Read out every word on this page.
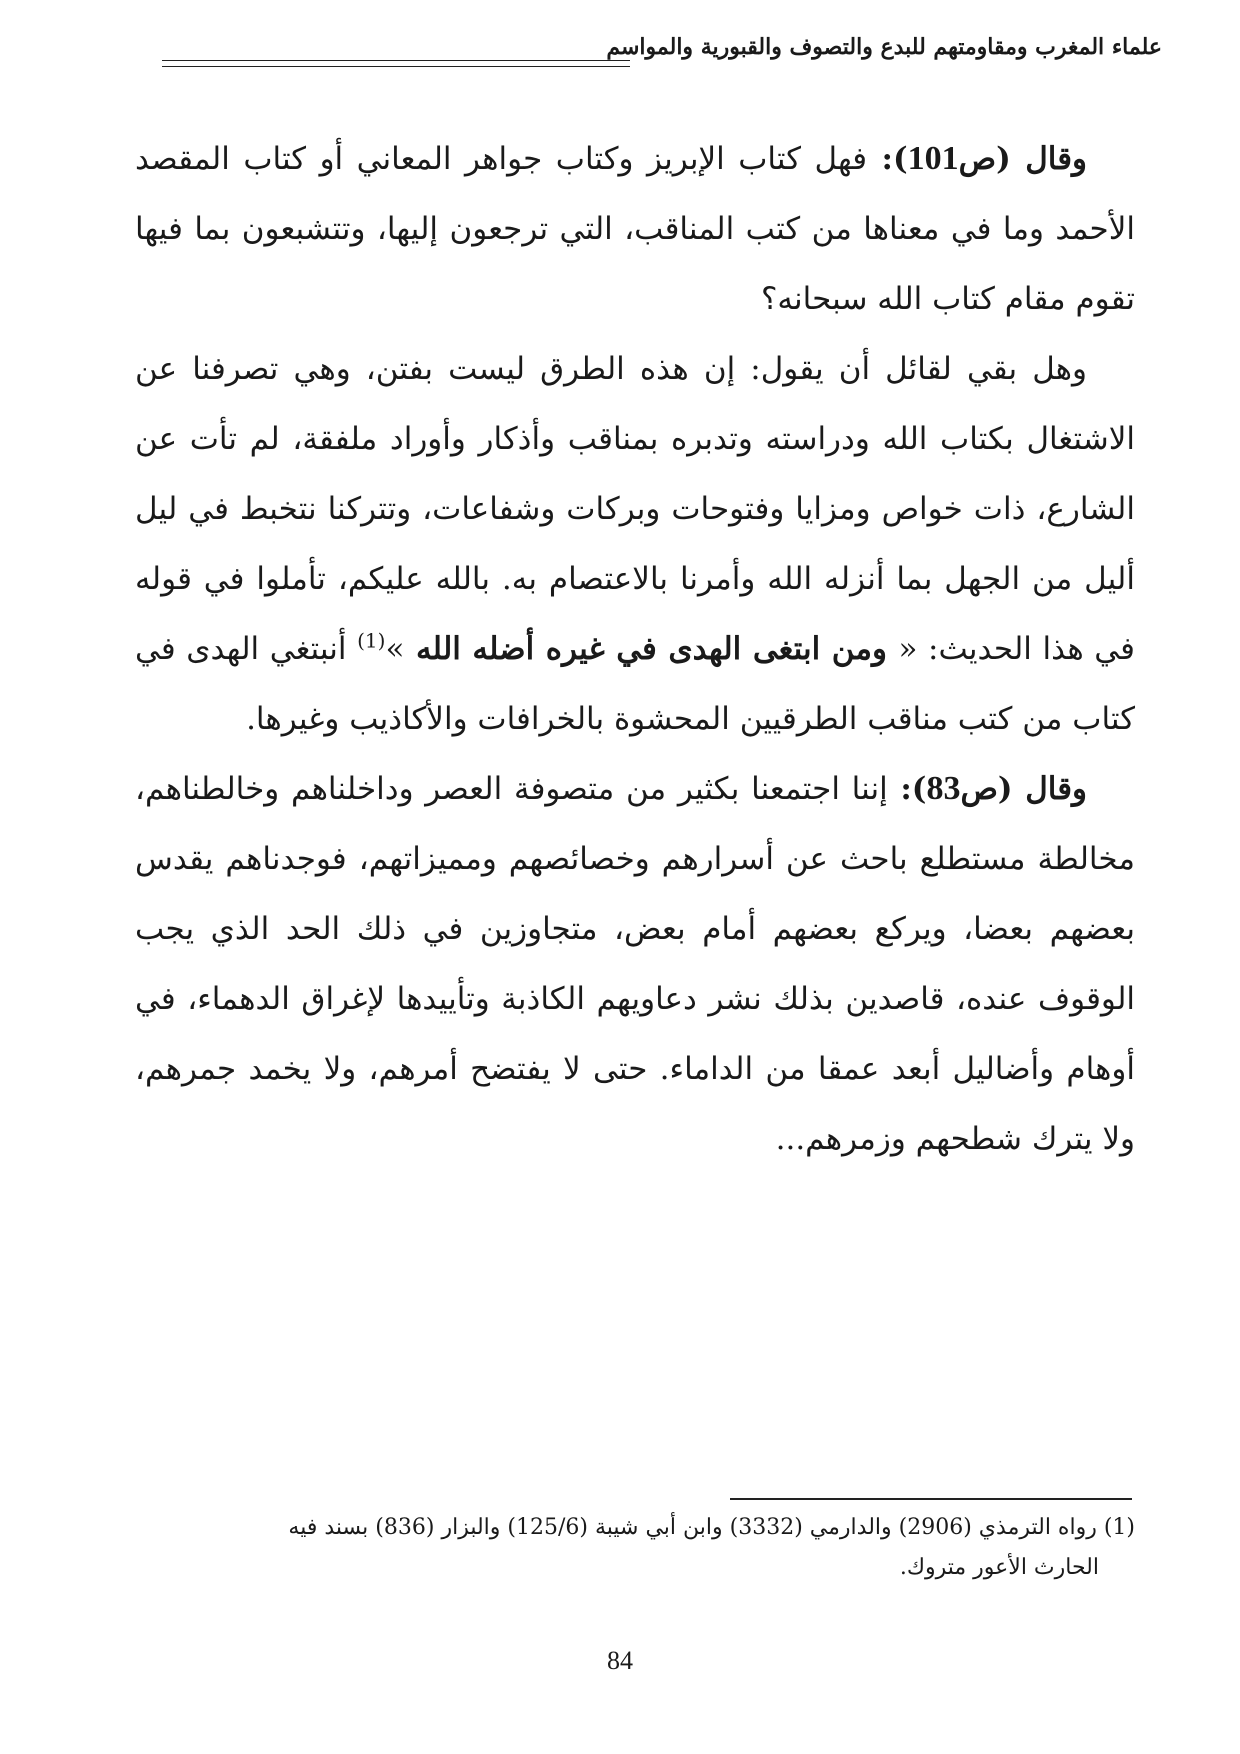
علماء المغرب ومقاومتهم للبدع والتصوف والقبورية والمواسم

وقال (ص101): فهل كتاب الإبريز وكتاب جواهر المعاني أو كتاب المقصد الأحمد وما في معناها من كتب المناقب، التي ترجعون إليها، وتتشبعون بما فيها تقوم مقام كتاب الله سبحانه؟

وهل بقي لقائل أن يقول: إن هذه الطرق ليست بفتن، وهي تصرفنا عن الاشتغال بكتاب الله ودراسته وتدبره بمناقب وأذكار وأوراد ملفقة، لم تأت عن الشارع، ذات خواص ومزايا وفتوحات وبركات وشفاعات، وتتركنا نتخبط في ليل أليل من الجهل بما أنزله الله وأمرنا بالاعتصام به. بالله عليكم، تأملوا في قوله في هذا الحديث: « ومن ابتغى الهدى في غيره أضله الله »$^{(1)}$ أنبتغي الهدى في كتاب من كتب مناقب الطرقيين المحشوة بالخرافات والأكاذيب وغيرها.

وقال (ص83): إننا اجتمعنا بكثير من متصوفة العصر وداخلناهم وخالطناهم، مخالطة مستطلع باحث عن أسرارهم وخصائصهم ومميزاتهم، فوجدناهم يقدس بعضهم بعضا، ويركع بعضهم أمام بعض، متجاوزين في ذلك الحد الذي يجب الوقوف عنده، قاصدين بذلك نشر دعاويهم الكاذبة وتأييدها لإغراق الدهماء، في أوهام وأضاليل أبعد عمقا من الداماء. حتى لا يفتضح أمرهم، ولا يخمد جمرهم، ولا يترك شطحهم وزمرهم...

(1) رواه الترمذي (2906) والدارمي (3332) وابن أبي شيبة (125/6) والبزار (836) بسند فيه

الحارث الأعور متروك.

84
